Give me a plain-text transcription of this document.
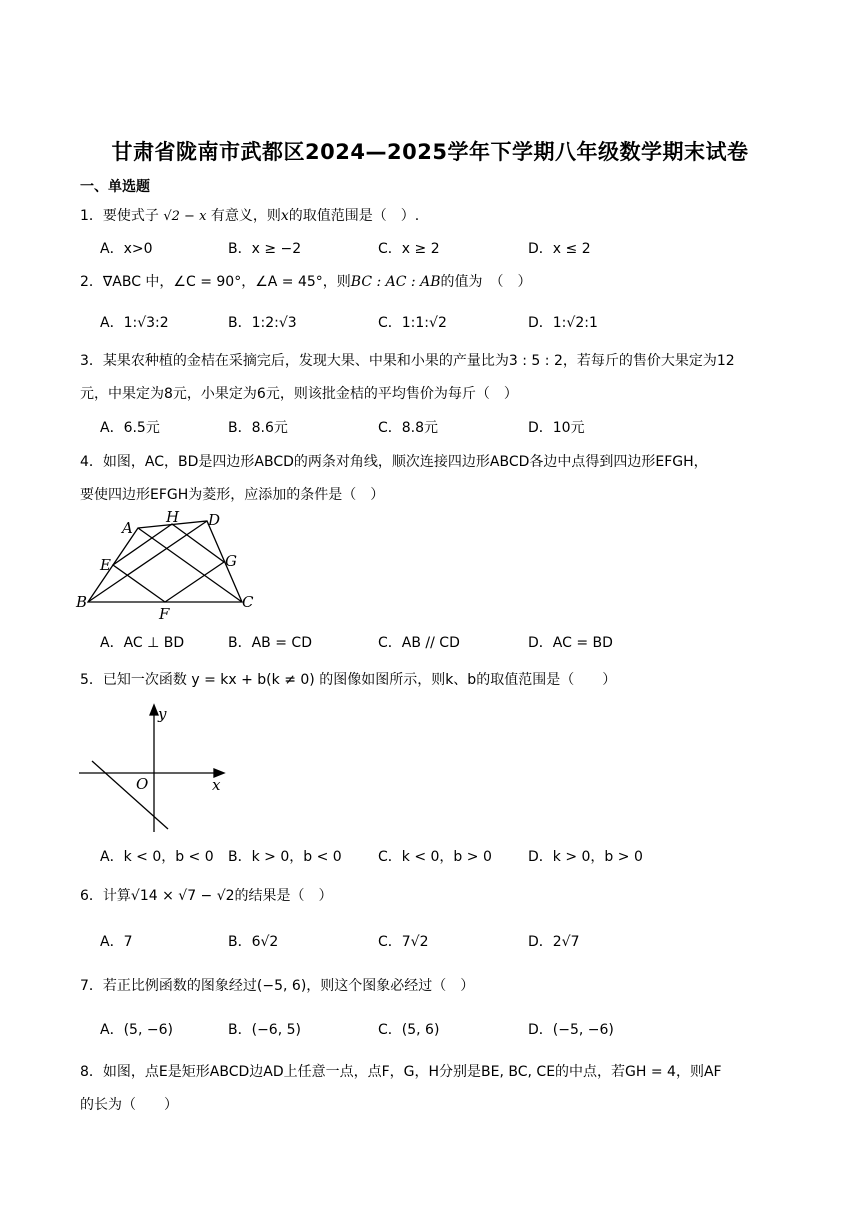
甘肃省陇南市武都区2024—2025学年下学期八年级数学期末试卷
一、单选题
1．要使式子 √2 − x 有意义，则x的取值范围是（　）.
A．x>0	B．x ≥ −2	C．x ≥ 2	D．x ≤ 2
2．∇ABC 中，∠C = 90°，∠A = 45°，则BC : AC : AB的值为　（　）
A．1:√3:2	B．1:2:√3	C．1:1:√2	D．1:√2:1
3．某果农种植的金桔在采摘完后，发现大果、中果和小果的产量比为3 : 5 : 2，若每斤的售价大果定为12
元，中果定为8元，小果定为6元，则该批金桔的平均售价为每斤（　）
A．6.5元	B．8.6元	C．8.8元	D．10元
4．如图，AC，BD是四边形ABCD的两条对角线，顺次连接四边形ABCD各边中点得到四边形EFGH，
要使四边形EFGH为菱形，应添加的条件是（　）
A
H D
E	G
B
F
C
A．AC ⊥ BD	B．AB = CD	C．AB // CD	D．AC = BD
5．已知一次函数 y = kx + b(k ≠ 0) 的图像如图所示，则k、b的取值范围是（　　）
y
O	x
A．k < 0，b < 0 B．k > 0，b < 0	C．k < 0，b > 0	D．k > 0，b > 0
6．计算√14 × √7 − √2的结果是（　）
A．7	B．6√2	C．7√2	D．2√7
7．若正比例函数的图象经过(−5, 6)，则这个图象必经过（　）
A．(5, −6)	B．(−6, 5)	C．(5, 6)	D．(−5, −6)
8．如图，点E是矩形ABCD边AD上任意一点，点F，G，H分别是BE, BC, CE的中点，若GH = 4，则AF
的长为（　　）
